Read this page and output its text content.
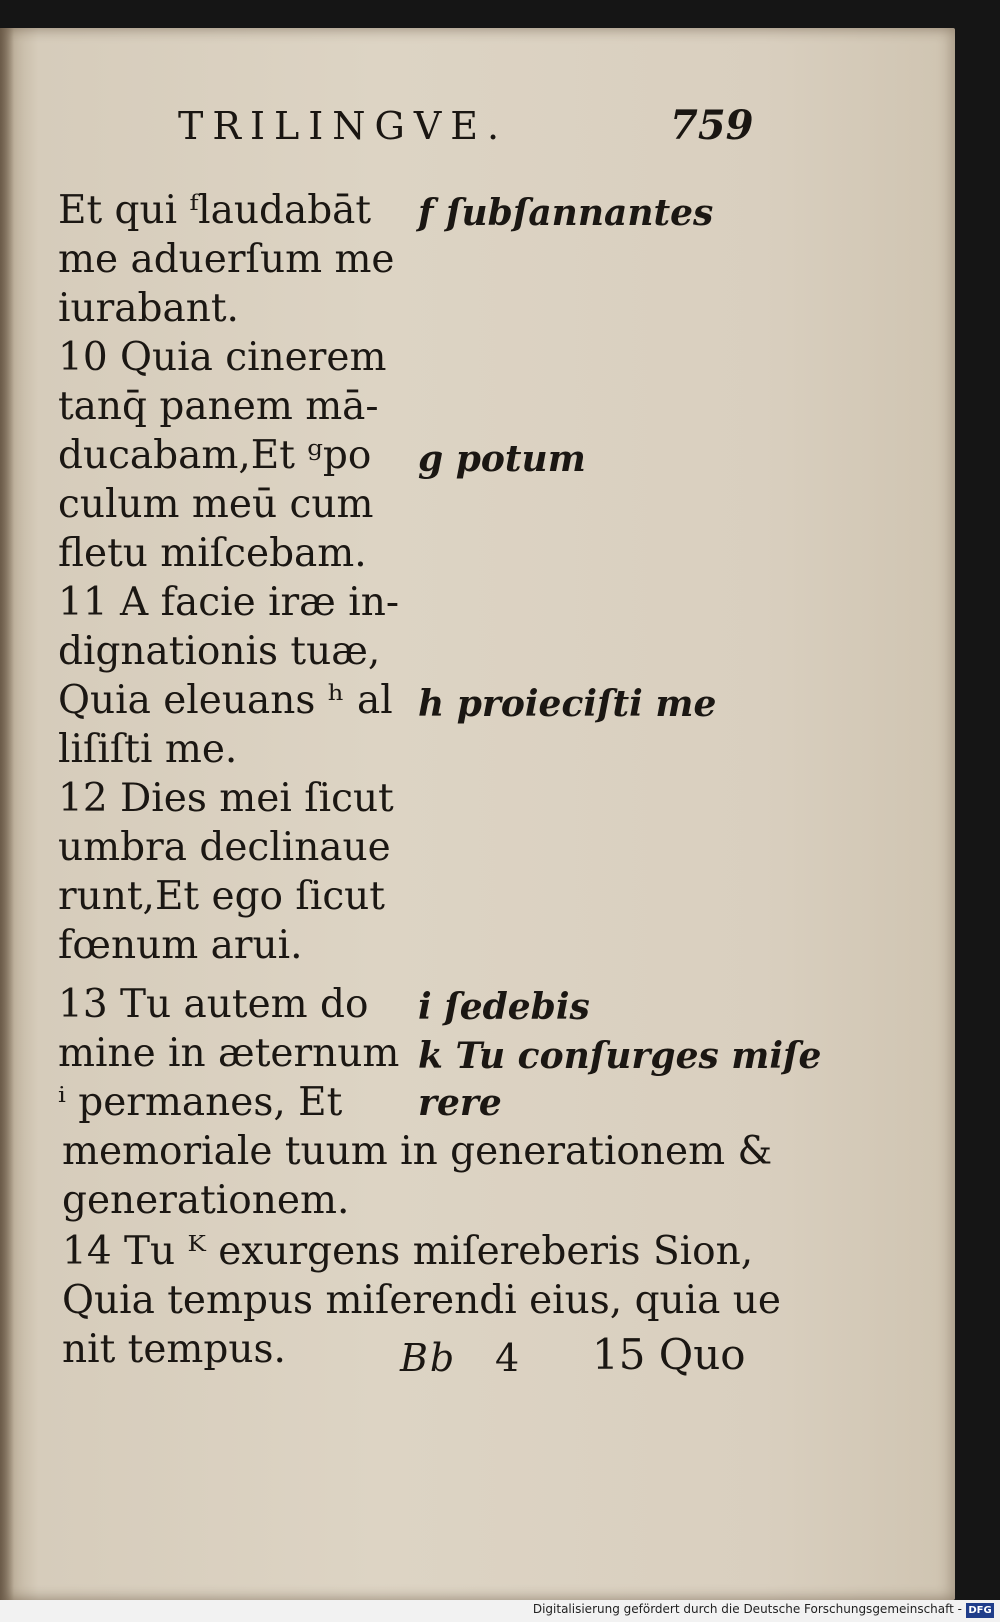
TRILINGVE.	759
Et qui ᶠlaudabāt
me aduerſum me
iurabant.
10 Quia cinerem
tanq̄ panem mā-
ducabam,Et ᵍpo
culum meū cum
fletu miſcebam.
11 A facie iræ in-
dignationis tuæ,
Quia eleuans ʰ al
liſiſti me.
12 Dies mei ſicut
umbra declinaue
runt,Et ego ſicut
fœnum arui.
13 Tu autem do
mine in æternum
ⁱ permanes, Et
f ſubſannantes
g potum
h proieciſti me
i ſedebis
k Tu conſurges miſe
rere
memoriale tuum in generationem &
generationem.
14 Tu ᴷ exurgens miſereberis Sion,
Quia tempus miſerendi eius, quia ue
nit tempus.	Bb 4 15 Quo
Digitalisierung gefördert durch die Deutsche Forschungsgemeinschaft - DFG
